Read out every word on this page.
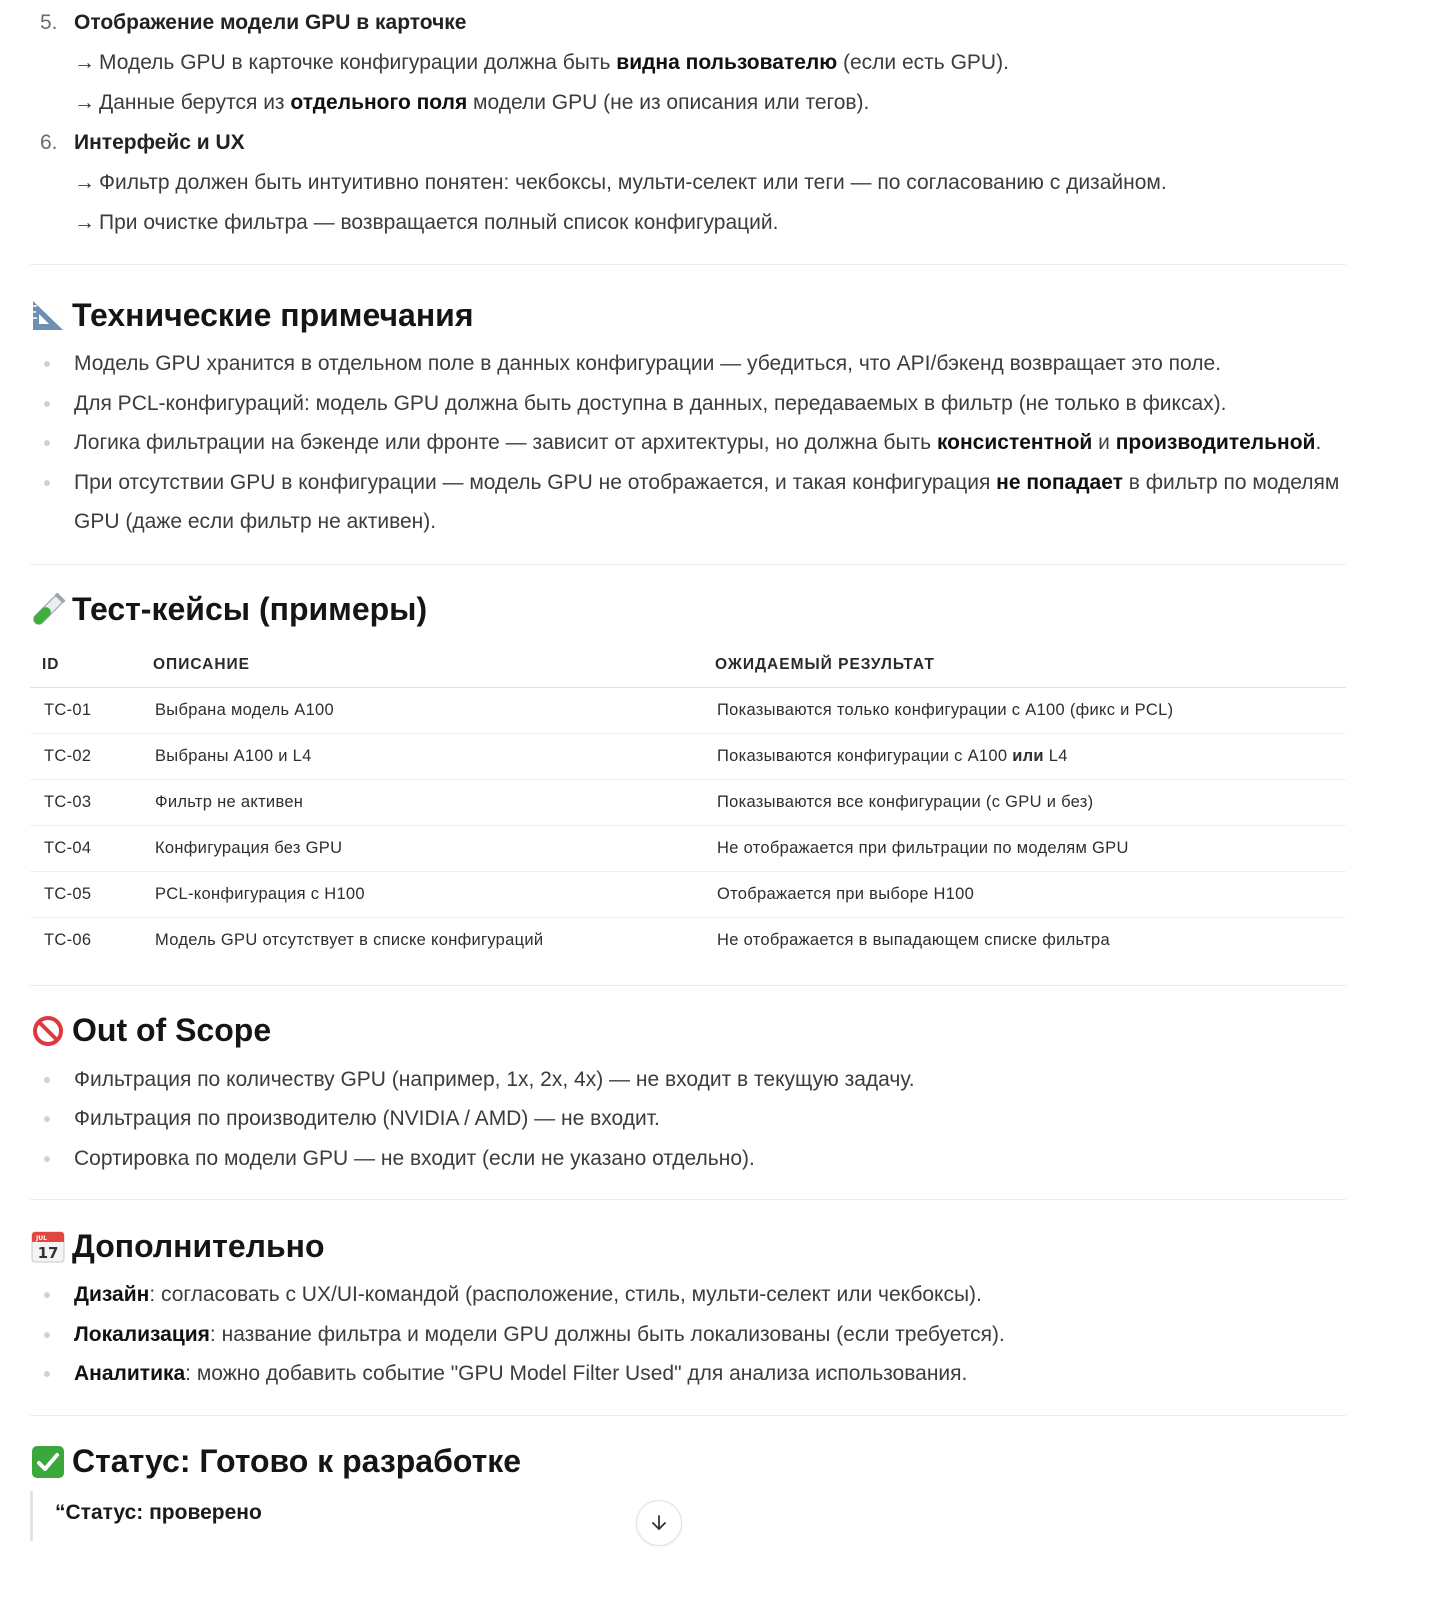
5. Отображение модели GPU в карточке
→ Модель GPU в карточке конфигурации должна быть видна пользователю (если есть GPU).
→ Данные берутся из отдельного поля модели GPU (не из описания или тегов).
6. Интерфейс и UX
→ Фильтр должен быть интуитивно понятен: чекбоксы, мульти-селект или теги — по согласованию с дизайном.
→ При очистке фильтра — возвращается полный список конфигураций.
Технические примечания
Модель GPU хранится в отдельном поле в данных конфигурации — убедиться, что API/бэкенд возвращает это поле.
Для PCL-конфигураций: модель GPU должна быть доступна в данных, передаваемых в фильтр (не только в фиксах).
Логика фильтрации на бэкенде или фронте — зависит от архитектуры, но должна быть консистентной и производительной.
При отсутствии GPU в конфигурации — модель GPU не отображается, и такая конфигурация не попадает в фильтр по моделям GPU (даже если фильтр не активен).
Тест-кейсы (примеры)
ID	ОПИСАНИЕ	ОЖИДАЕМЫЙ РЕЗУЛЬТАТ
TC-01	Выбрана модель A100	Показываются только конфигурации с A100 (фикс и PCL)
TC-02	Выбраны A100 и L4	Показываются конфигурации с A100 или L4
TC-03	Фильтр не активен	Показываются все конфигурации (с GPU и без)
TC-04	Конфигурация без GPU	Не отображается при фильтрации по моделям GPU
TC-05	PCL-конфигурация с H100	Отображается при выборе H100
TC-06	Модель GPU отсутствует в списке конфигураций	Не отображается в выпадающем списке фильтра
Out of Scope
Фильтрация по количеству GPU (например, 1x, 2x, 4x) — не входит в текущую задачу.
Фильтрация по производителю (NVIDIA / AMD) — не входит.
Сортировка по модели GPU — не входит (если не указано отдельно).
JUL
17 Дополнительно
Дизайн: согласовать с UX/UI-командой (расположение, стиль, мульти-селект или чекбоксы).
Локализация: название фильтра и модели GPU должны быть локализованы (если требуется).
Аналитика: можно добавить событие "GPU Model Filter Used" для анализа использования.
Статус: Готово к разработке
“Статус: проверено
